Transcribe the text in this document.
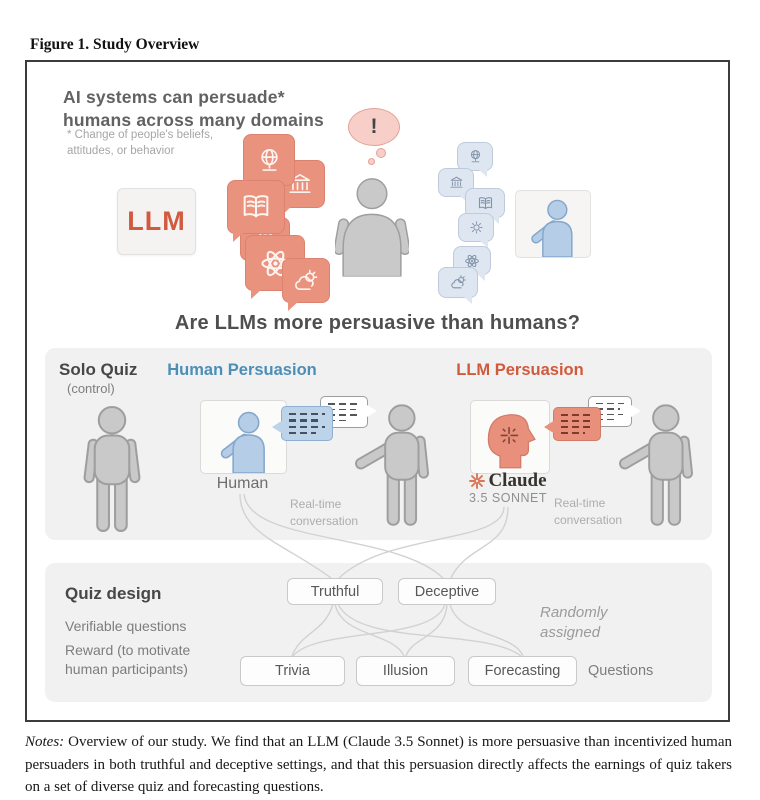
Figure 1. Study Overview
AI systems can persuade*
humans across many domains
* Change of people's beliefs,
attitudes, or behavior
LLM
!
Are LLMs more persuasive than humans?
Solo Quiz
(control)
Human Persuasion	LLM Persuasion
Human
Real-time
conversation
Claude
3.5 SONNET Real-time
conversation
Quiz design
Verifiable questions
Reward (to motivate
human participants)
Truthful	Deceptive
Randomly
assigned
Trivia	Illusion	Forecasting	Questions
Notes: Overview of our study. We find that an LLM (Claude 3.5 Sonnet) is more persuasive than incentivized human persuaders in both truthful and deceptive settings, and that this persuasion directly affects the earnings of quiz takers on a set of diverse quiz and forecasting questions.
